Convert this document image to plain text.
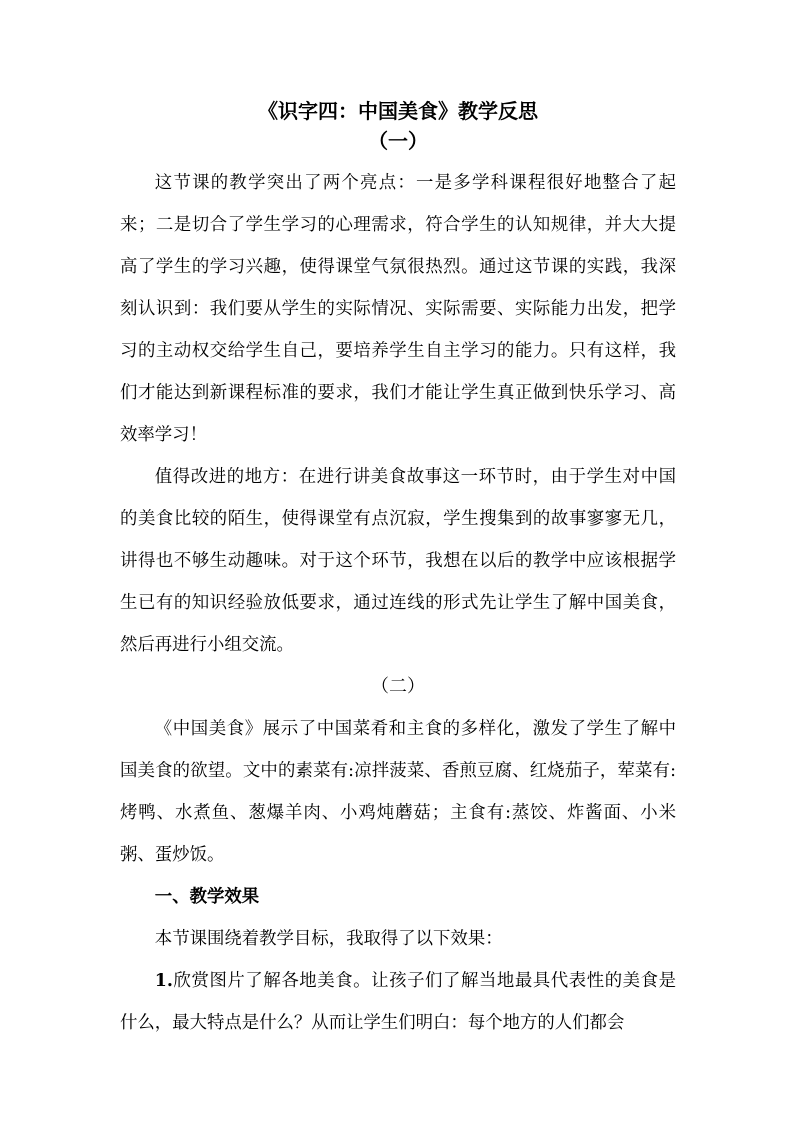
《识字四：中国美食》教学反思
（一）

这节课的教学突出了两个亮点：一是多学科课程很好地整合了起来；二是切合了学生学习的心理需求，符合学生的认知规律，并大大提高了学生的学习兴趣，使得课堂气氛很热烈。通过这节课的实践，我深刻认识到：我们要从学生的实际情况、实际需要、实际能力出发，把学习的主动权交给学生自己，要培养学生自主学习的能力。只有这样，我们才能达到新课程标准的要求，我们才能让学生真正做到快乐学习、高效率学习！

值得改进的地方：在进行讲美食故事这一环节时，由于学生对中国的美食比较的陌生，使得课堂有点沉寂，学生搜集到的故事寥寥无几，讲得也不够生动趣味。对于这个环节，我想在以后的教学中应该根据学生已有的知识经验放低要求，通过连线的形式先让学生了解中国美食，然后再进行小组交流。

（二）

《中国美食》展示了中国菜肴和主食的多样化，激发了学生了解中国美食的欲望。文中的素菜有:凉拌菠菜、香煎豆腐、红烧茄子，荤菜有:烤鸭、水煮鱼、葱爆羊肉、小鸡炖蘑菇；主食有:蒸饺、炸酱面、小米粥、蛋炒饭。

一、教学效果

本节课围绕着教学目标，我取得了以下效果：

1.欣赏图片了解各地美食。让孩子们了解当地最具代表性的美食是什么，最大特点是什么？从而让学生们明白：每个地方的人们都会
